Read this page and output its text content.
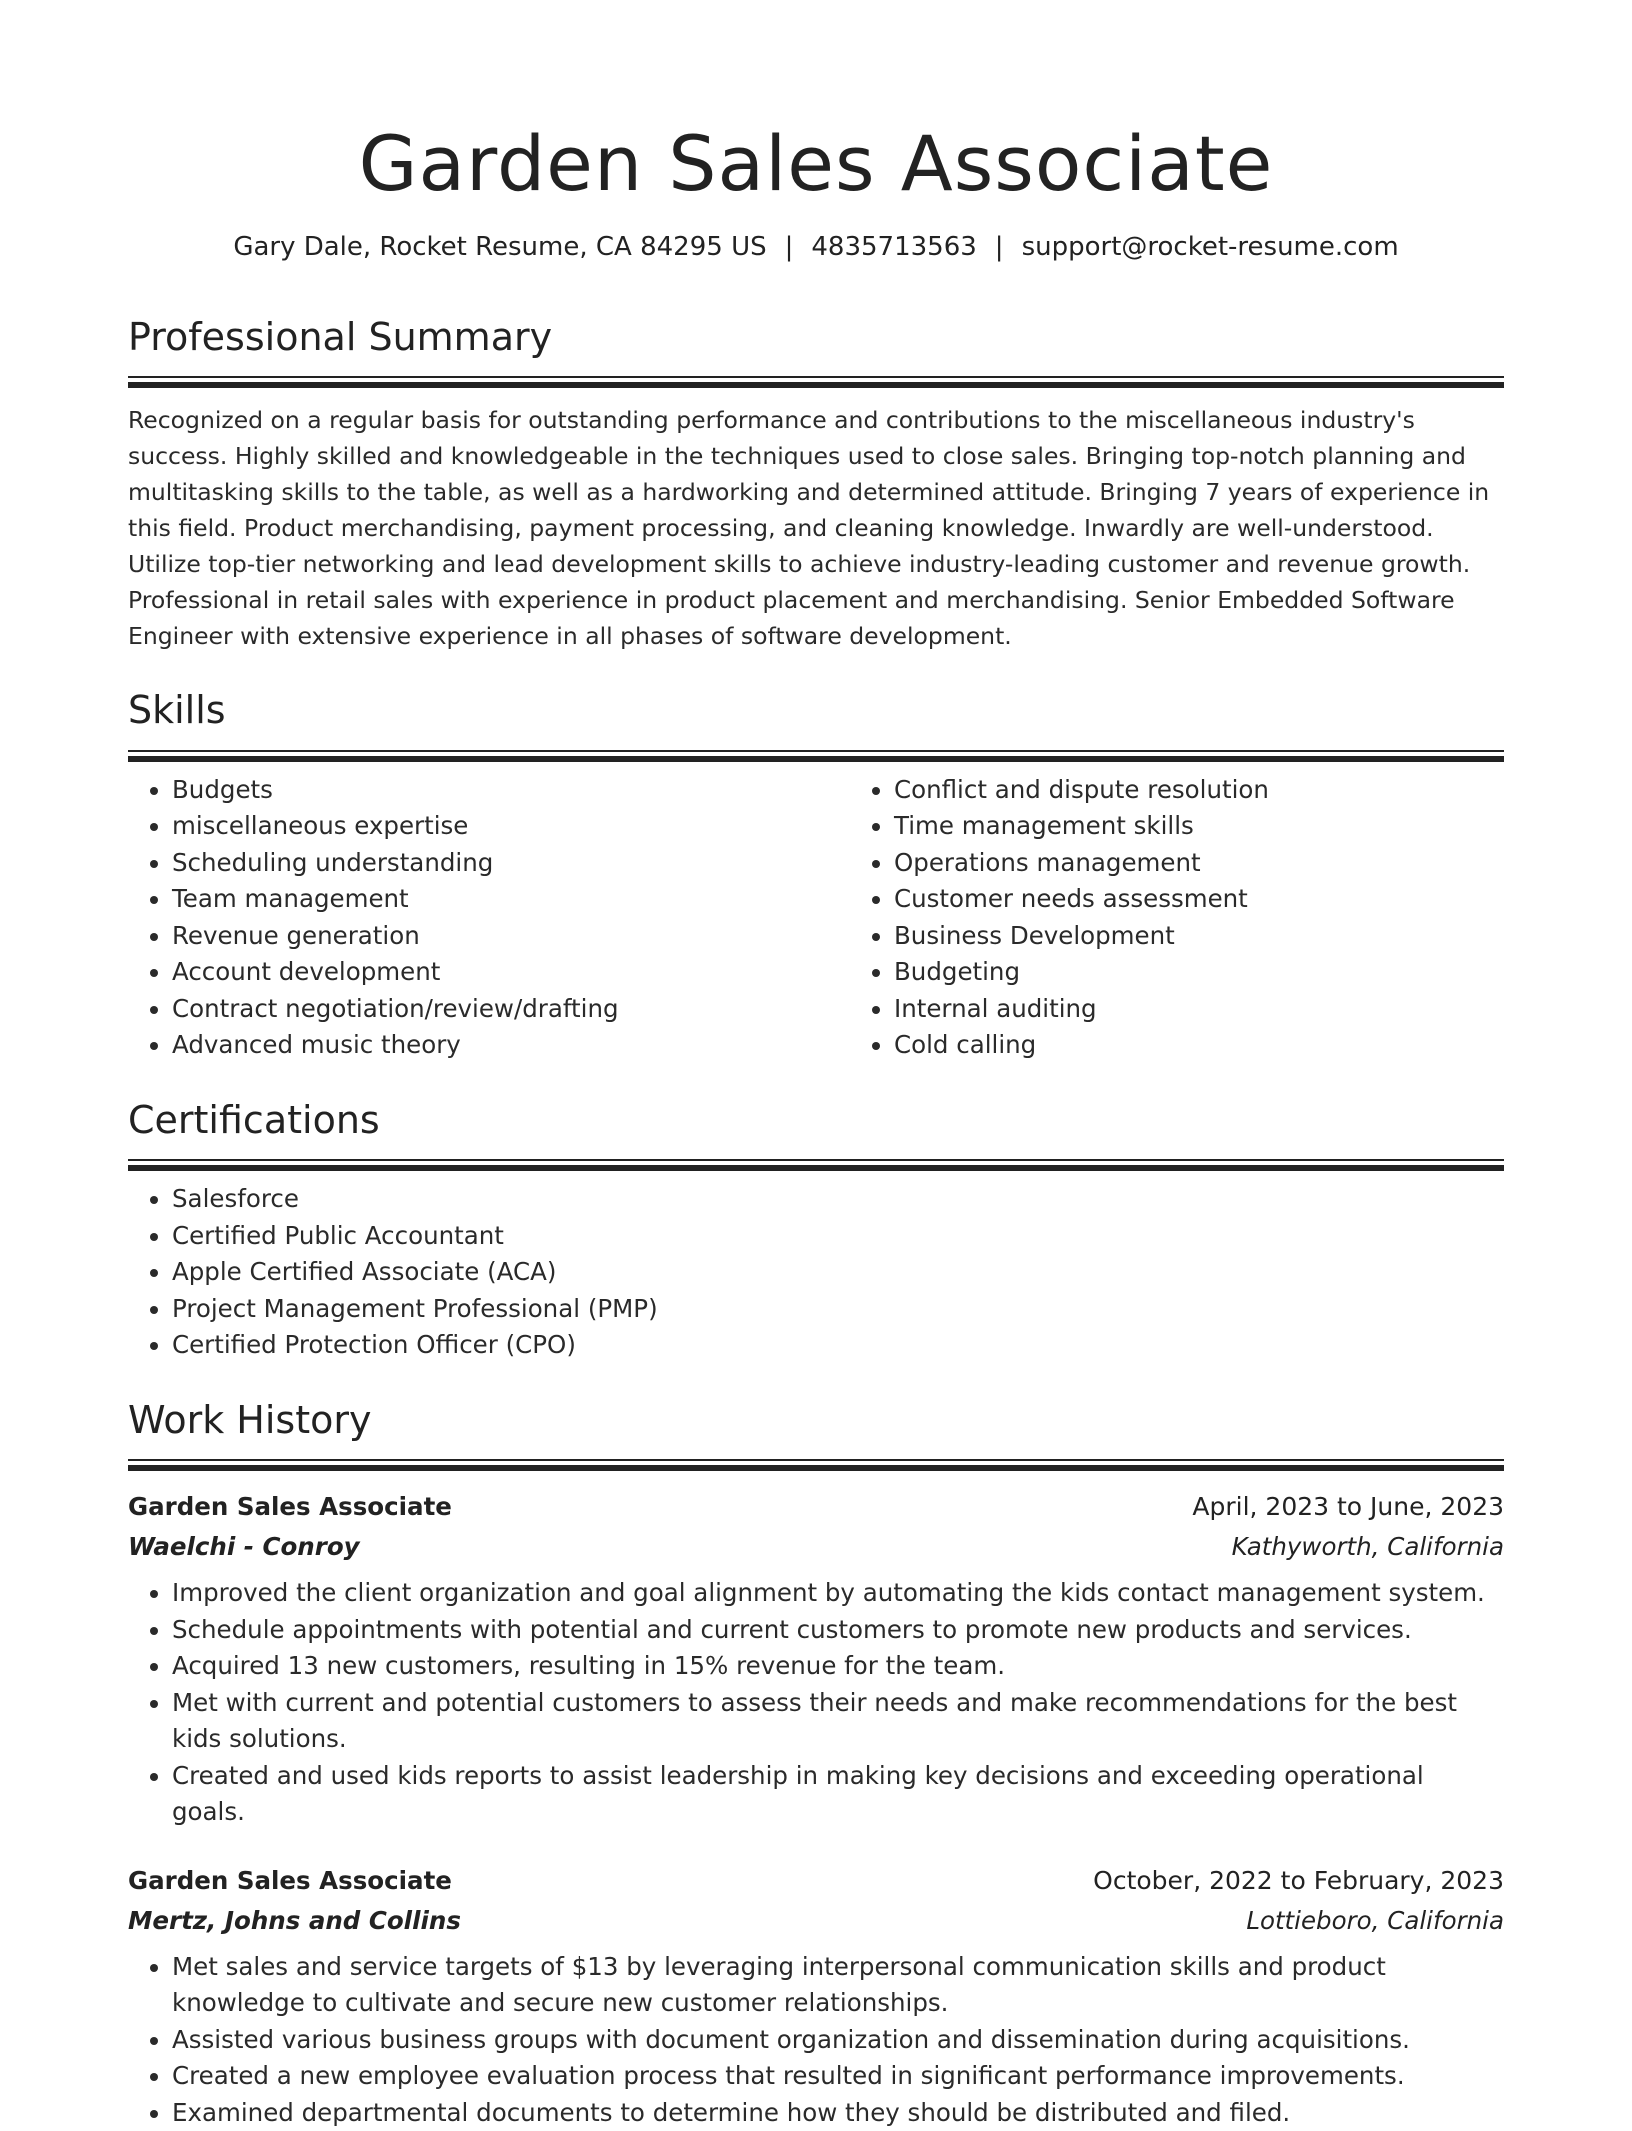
Garden Sales Associate
Gary Dale, Rocket Resume, CA 84295 US | 4835713563 | support@rocket-resume.com
Professional Summary

Recognized on a regular basis for outstanding performance and contributions to the miscellaneous industry's success. Highly skilled and knowledgeable in the techniques used to close sales. Bringing top-notch planning and multitasking skills to the table, as well as a hardworking and determined attitude. Bringing 7 years of experience in this field. Product merchandising, payment processing, and cleaning knowledge. Inwardly are well-understood. Utilize top-tier networking and lead development skills to achieve industry-leading customer and revenue growth. Professional in retail sales with experience in product placement and merchandising. Senior Embedded Software Engineer with extensive experience in all phases of software development.

Skills
• Budgets
• miscellaneous expertise
• Scheduling understanding
• Team management
• Revenue generation
• Account development
• Contract negotiation/review/drafting
• Advanced music theory
• Conflict and dispute resolution
• Time management skills
• Operations management
• Customer needs assessment
• Business Development
• Budgeting
• Internal auditing
• Cold calling
Certifications
• Salesforce
• Certified Public Accountant
• Apple Certified Associate (ACA)
• Project Management Professional (PMP)
• Certified Protection Officer (CPO)
Work History
Garden Sales Associate	April, 2023 to June, 2023
Waelchi - Conroy	Kathyworth, California
• Improved the client organization and goal alignment by automating the kids contact management system.
• Schedule appointments with potential and current customers to promote new products and services.
• Acquired 13 new customers, resulting in 15% revenue for the team.
• Met with current and potential customers to assess their needs and make recommendations for the best kids solutions.
• Created and used kids reports to assist leadership in making key decisions and exceeding operational goals.
Garden Sales Associate	October, 2022 to February, 2023
Mertz, Johns and Collins	Lottieboro, California
• Met sales and service targets of $13 by leveraging interpersonal communication skills and product knowledge to cultivate and secure new customer relationships.
• Assisted various business groups with document organization and dissemination during acquisitions.
• Created a new employee evaluation process that resulted in significant performance improvements.
• Examined departmental documents to determine how they should be distributed and filed.
